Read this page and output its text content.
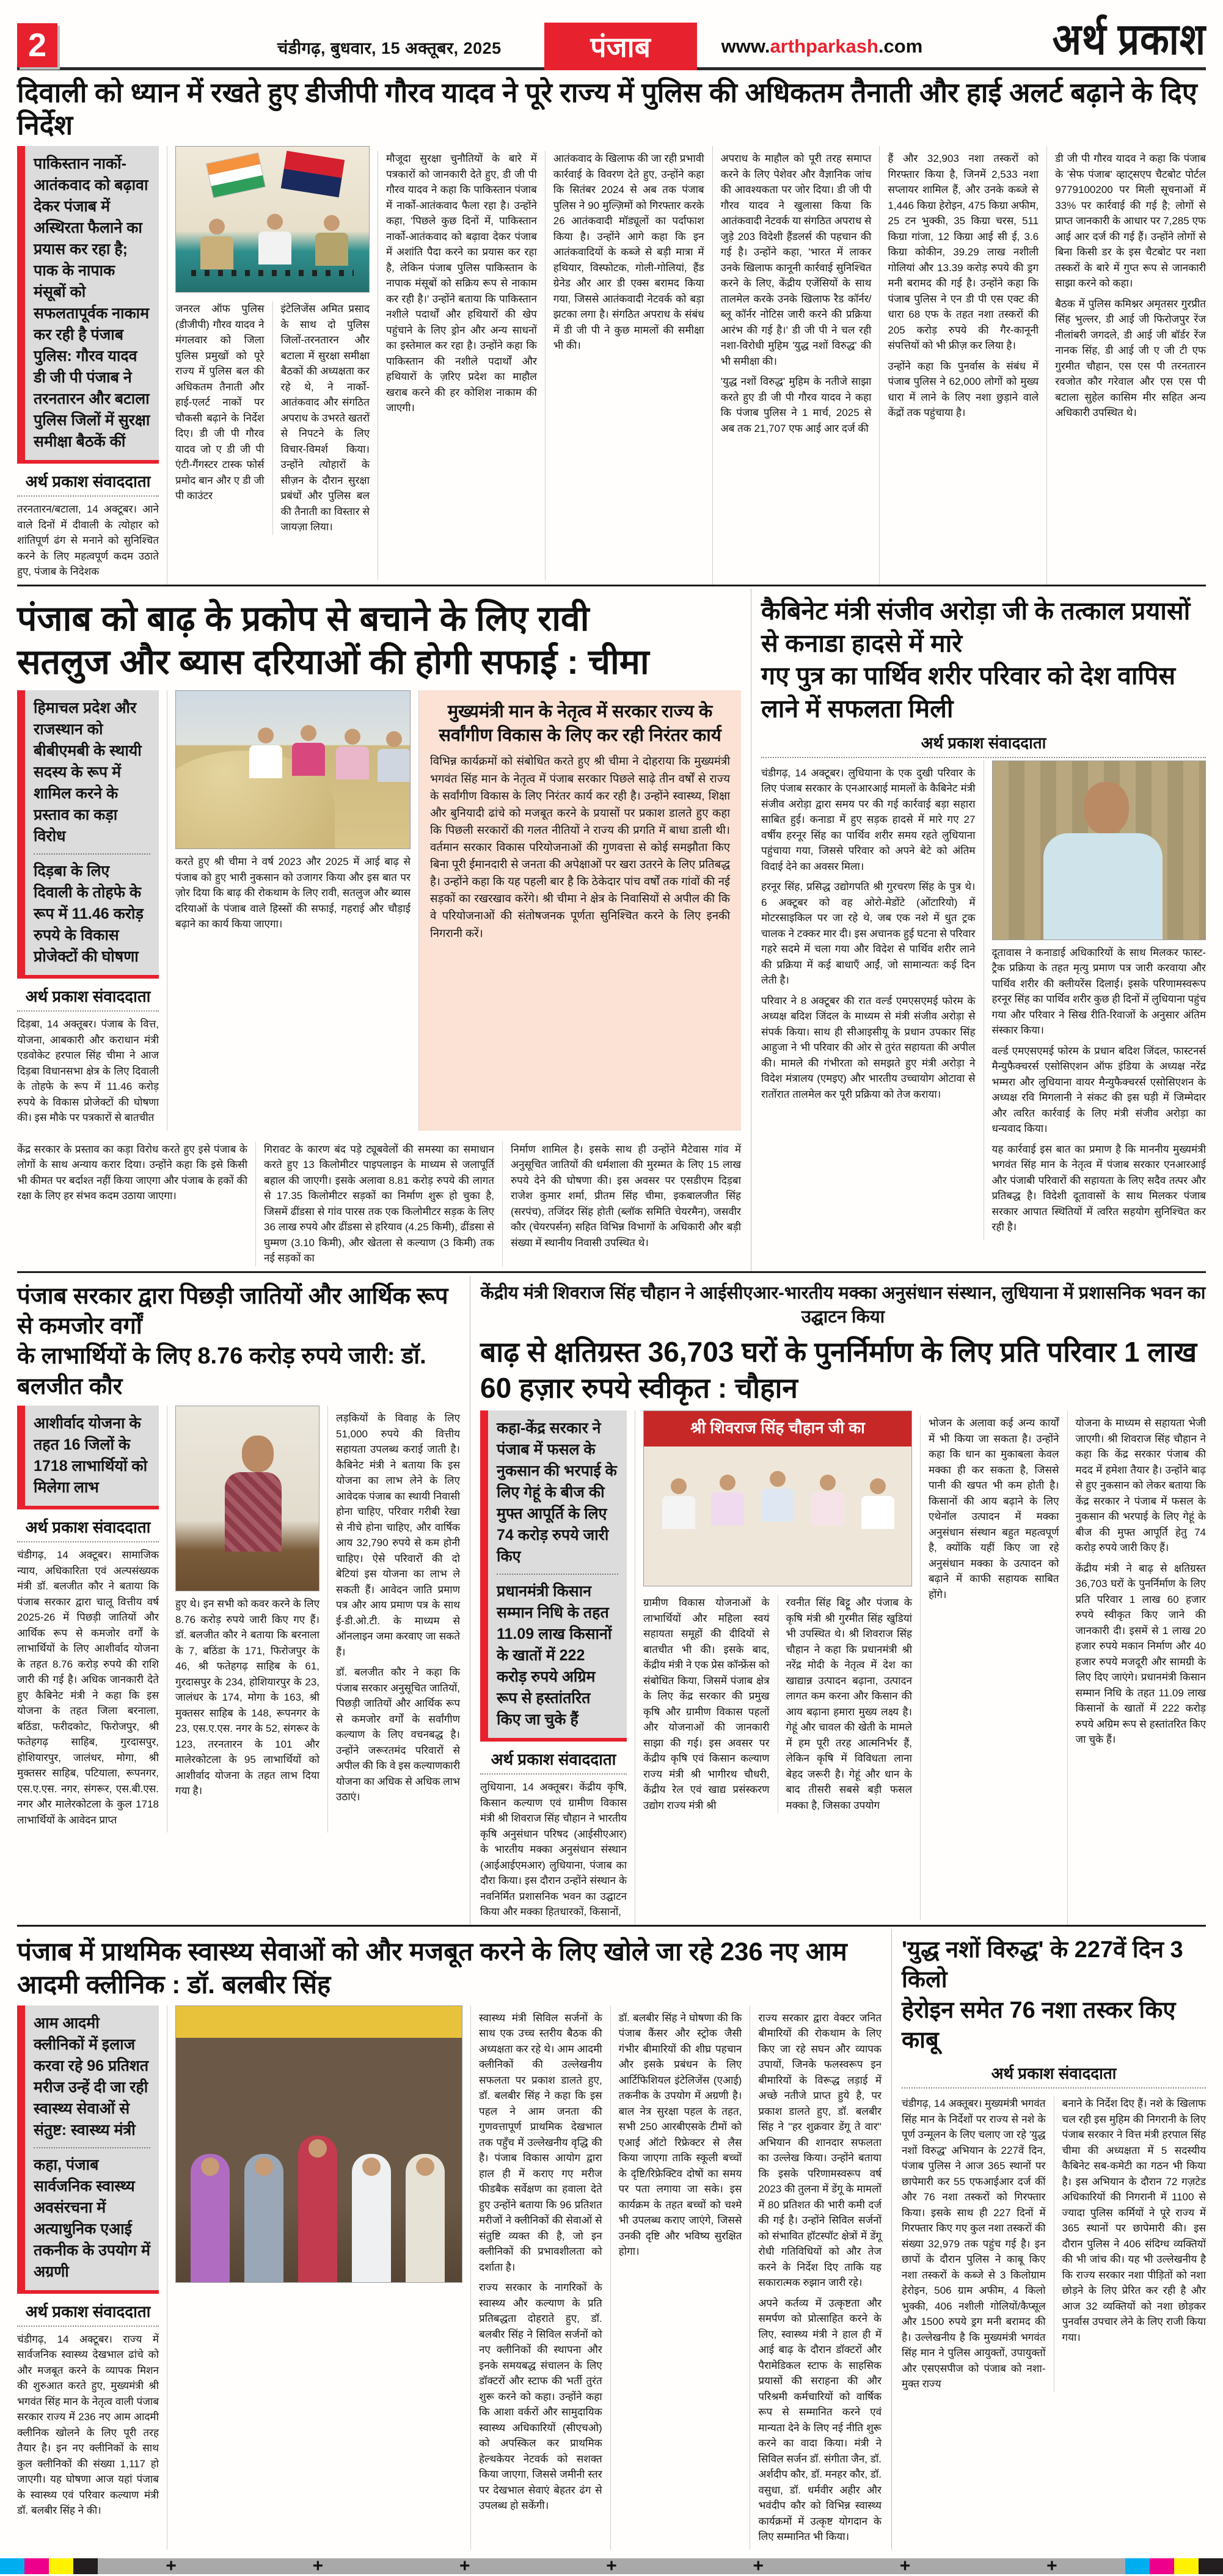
2	चंडीगढ़, बुधवार, 15 अक्तूबर, 2025	पंजाब	www.arthparkash.com	अर्थ प्रकाश
दिवाली को ध्यान में रखते हुए डीजीपी गौरव यादव ने पूरे राज्य में पुलिस की अधिकतम तैनाती और हाई अलर्ट बढ़ाने के दिए निर्देश

पाकिस्तान नार्को-आतंकवाद को बढ़ावा देकर पंजाब में अस्थिरता फैलाने का प्रयास कर रहा है; पाक के नापाक मंसूबों को सफलतापूर्वक नाकाम कर रही है पंजाब पुलिस: गौरव यादव डी जी पी पंजाब ने तरनतारन और बटाला पुलिस जिलों में सुरक्षा समीक्षा बैठकें कीं

अर्थ प्रकाश संवाददाता

तरनतारन/बटाला, 14 अक्टूबर। आने वाले दिनों में दीवाली के त्योहार को शांतिपूर्ण ढंग से मनाने को सुनिश्चित करने के लिए महत्वपूर्ण कदम उठाते हुए, पंजाब के निदेशक

जनरल ऑफ पुलिस (डीजीपी) गौरव यादव ने मंगलवार को जिला पुलिस प्रमुखों को पूरे राज्य में पुलिस बल की अधिकतम तैनाती और हाई-एलर्ट नाकों पर चौकसी बढ़ाने के निर्देश दिए। डी जी पी गौरव यादव जो ए डी जी पी एंटी-गैंगस्टर टास्क फोर्स प्रमोद बान और ए डी जी पी काउंटर

इंटेलिजेंस अमित प्रसाद के साथ दो पुलिस जिलों-तरनतारन और बटाला में सुरक्षा समीक्षा बैठकों की अध्यक्षता कर रहे थे, ने नार्को-आतंकवाद और संगठित अपराध के उभरते खतरों से निपटने के लिए विचार-विमर्श किया। उन्होंने त्योहारों के सीज़न के दौरान सुरक्षा प्रबंधों और पुलिस बल की तैनाती का विस्तार से जायज़ा लिया।

मौजूदा सुरक्षा चुनौतियों के बारे में पत्रकारों को जानकारी देते हुए, डी जी पी गौरव यादव ने कहा कि पाकिस्तान पंजाब में नार्को-आतंकवाद फैला रहा है। उन्होंने कहा, 'पिछले कुछ दिनों में, पाकिस्तान नार्को-आतंकवाद को बढ़ावा देकर पंजाब में अशांति पैदा करने का प्रयास कर रहा है, लेकिन पंजाब पुलिस पाकिस्तान के नापाक मंसूबों को सक्रिय रूप से नाकाम कर रही है।' उन्होंने बताया कि पाकिस्तान नशीले पदार्थों और हथियारों की खेप पहुंचाने के लिए ड्रोन और अन्य साधनों का इस्तेमाल कर रहा है। उन्होंने कहा कि पाकिस्तान की नशीले पदार्थों और हथियारों के ज़रिए प्रदेश का माहौल खराब करने की हर कोशिश नाकाम की जाएगी।

आतंकवाद के खिलाफ की जा रही प्रभावी कार्रवाई के विवरण देते हुए, उन्होंने कहा कि सितंबर 2024 से अब तक पंजाब पुलिस ने 90 मुल्ज़िमों को गिरफ्तार करके 26 आतंकवादी मॉड्यूलों का पर्दाफाश किया है। उन्होंने आगे कहा कि इन आतंकवादियों के कब्जे से बड़ी मात्रा में हथियार, विस्फोटक, गोली-गोलियां, हैंड ग्रेनेड और आर डी एक्स बरामद किया गया, जिससे आतंकवादी नेटवर्क को बड़ा झटका लगा है। संगठित अपराध के संबंध में डी जी पी ने कुछ मामलों की समीक्षा भी की।

अपराध के माहौल को पूरी तरह समाप्त करने के लिए पेशेवर और वैज्ञानिक जांच की आवश्यकता पर जोर दिया। डी जी पी गौरव यादव ने खुलासा किया कि आतंकवादी नेटवर्क या संगठित अपराध से जुड़े 203 विदेशी हैंडलर्स की पहचान की गई है। उन्होंने कहा, 'भारत में लाकर उनके खिलाफ कानूनी कार्रवाई सुनिश्चित करने के लिए, केंद्रीय एजेंसियों के साथ तालमेल करके उनके खिलाफ रैड कॉर्नर/ब्लू कॉर्नर नोटिस जारी करने की प्रक्रिया आरंभ की गई है।' डी जी पी ने चल रही नशा-विरोधी मुहिम 'युद्ध नशों विरुद्ध' की भी समीक्षा की।

'युद्ध नशों विरुद्ध' मुहिम के नतीजे साझा करते हुए डी जी पी गौरव यादव ने कहा कि पंजाब पुलिस ने 1 मार्च, 2025 से अब तक 21,707 एफ आई आर दर्ज की

हैं और 32,903 नशा तस्करों को गिरफ्तार किया है, जिनमें 2,533 नशा सप्लायर शामिल हैं, और उनके कब्जे से 1,446 किग्रा हेरोइन, 475 किग्रा अफीम, 25 टन भुक्की, 35 किग्रा चरस, 511 किग्रा गांजा, 12 किग्रा आई सी ई, 3.6 किग्रा कोकीन, 39.29 लाख नशीली गोलियां और 13.39 करोड़ रुपये की ड्रग मनी बरामद की गई है। उन्होंने कहा कि पंजाब पुलिस ने एन डी पी एस एक्ट की धारा 68 एफ के तहत नशा तस्करों की 205 करोड़ रुपये की गैर-कानूनी संपत्तियों को भी फ्रीज़ कर लिया है।

उन्होंने कहा कि पुनर्वास के संबंध में पंजाब पुलिस ने 62,000 लोगों को मुख्य धारा में लाने के लिए नशा छुड़ाने वाले केंद्रों तक पहुंचाया है।

डी जी पी गौरव यादव ने कहा कि पंजाब के 'सेफ पंजाब' व्हाट्सएप चैटबोट पोर्टल 9779100200 पर मिली सूचनाओं में 33% पर कार्रवाई की गई है; लोगों से प्राप्त जानकारी के आधार पर 7,285 एफ आई आर दर्ज की गई हैं। उन्होंने लोगों से बिना किसी डर के इस चैटबोट पर नशा तस्करों के बारे में गुप्त रूप से जानकारी साझा करने को कहा।

बैठक में पुलिस कमिश्नर अमृतसर गुरप्रीत सिंह भुल्लर, डी आई जी फिरोजपुर रेंज नीलांबरी जगदले, डी आई जी बॉर्डर रेंज नानक सिंह, डी आई जी ए जी टी एफ गुरमीत चौहान, एस एस पी तरनतारन रवजोत कौर गरेवाल और एस एस पी बटाला सुहेल कासिम मीर सहित अन्य अधिकारी उपस्थित थे।

पंजाब को बाढ़ के प्रकोप से बचाने के लिए रावी
सतलुज और ब्यास दरियाओं की होगी सफाई : चीमा

हिमाचल प्रदेश और राजस्थान को बीबीएमबी के स्थायी सदस्य के रूप में शामिल करने के प्रस्ताव का कड़ा विरोध

दिड़बा के लिए दिवाली के तोहफे के रूप में 11.46 करोड़ रुपये के विकास प्रोजेक्टों की घोषणा

अर्थ प्रकाश संवाददाता

दिड़बा, 14 अक्तूबर। पंजाब के वित्त, योजना, आबकारी और कराधान मंत्री एडवोकेट हरपाल सिंह चीमा ने आज दिड़बा विधानसभा क्षेत्र के लिए दिवाली के तोहफे के रूप में 11.46 करोड़ रुपये के विकास प्रोजेक्टों की घोषणा की। इस मौके पर पत्रकारों से बातचीत

करते हुए श्री चीमा ने वर्ष 2023 और 2025 में आई बाढ़ से पंजाब को हुए भारी नुकसान को उजागर किया और इस बात पर ज़ोर दिया कि बाढ़ की रोकथाम के लिए रावी, सतलुज और ब्यास दरियाओं के पंजाब वाले हिस्सों की सफाई, गहराई और चौड़ाई बढ़ाने का कार्य किया जाएगा।

मुख्यमंत्री मान के नेतृत्व में सरकार राज्य के सर्वांगीण विकास के लिए कर रही निरंतर कार्य

विभिन्न कार्यक्रमों को संबोधित करते हुए श्री चीमा ने दोहराया कि मुख्यमंत्री भगवंत सिंह मान के नेतृत्व में पंजाब सरकार पिछले साढ़े तीन वर्षों से राज्य के सर्वांगीण विकास के लिए निरंतर कार्य कर रही है। उन्होंने स्वास्थ्य, शिक्षा और बुनियादी ढांचे को मजबूत करने के प्रयासों पर प्रकाश डालते हुए कहा कि पिछली सरकारों की गलत नीतियों ने राज्य की प्रगति में बाधा डाली थी। वर्तमान सरकार विकास परियोजनाओं की गुणवत्ता से कोई समझौता किए बिना पूरी ईमानदारी से जनता की अपेक्षाओं पर खरा उतरने के लिए प्रतिबद्ध है। उन्होंने कहा कि यह पहली बार है कि ठेकेदार पांच वर्षों तक गांवों की नई सड़कों का रखरखाव करेंगे। श्री चीमा ने क्षेत्र के निवासियों से अपील की कि वे परियोजनाओं की संतोषजनक पूर्णता सुनिश्चित करने के लिए इनकी निगरानी करें।

केंद्र सरकार के प्रस्ताव का कड़ा विरोध करते हुए इसे पंजाब के लोगों के साथ अन्याय करार दिया। उन्होंने कहा कि इसे किसी भी कीमत पर बर्दाश्त नहीं किया जाएगा और पंजाब के हकों की रक्षा के लिए हर संभव कदम उठाया जाएगा।

गिरावट के कारण बंद पड़े ट्यूबवेलों की समस्या का समाधान करते हुए 13 किलोमीटर पाइपलाइन के माध्यम से जलापूर्ति बहाल की जाएगी। इसके अलावा 8.81 करोड़ रुपये की लागत से 17.35 किलोमीटर सड़कों का निर्माण शुरू हो चुका है, जिसमें ढींडसा से गांव पारस तक एक किलोमीटर सड़क के लिए 36 लाख रुपये और ढींडसा से हरियाव (4.25 किमी), ढींडसा से घुम्मण (3.10 किमी), और खेतला से कल्याण (3 किमी) तक नई सड़कों का

निर्माण शामिल है। इसके साथ ही उन्होंने मैटेवास गांव में अनुसूचित जातियों की धर्मशाला की मुरम्मत के लिए 15 लाख रुपये देने की घोषणा की। इस अवसर पर एसडीएम दिड़बा राजेश कुमार शर्मा, प्रीतम सिंह चीमा, इकबालजीत सिंह (सरपंच), तजिंदर सिंह होती (ब्लॉक समिति चेयरमैन), जसवीर कौर (चेयरपर्सन) सहित विभिन्न विभागों के अधिकारी और बड़ी संख्या में स्थानीय निवासी उपस्थित थे।

कैबिनेट मंत्री संजीव अरोड़ा जी के तत्काल प्रयासों से कनाडा हादसे में मारे
गए पुत्र का पार्थिव शरीर परिवार को देश वापिस लाने में सफलता मिली
अर्थ प्रकाश संवाददाता

चंडीगढ़, 14 अक्टूबर। लुधियाना के एक दुखी परिवार के लिए पंजाब सरकार के एनआरआई मामलों के कैबिनेट मंत्री संजीव अरोड़ा द्वारा समय पर की गई कार्रवाई बड़ा सहारा साबित हुई। कनाडा में हुए सड़क हादसे में मारे गए 27 वर्षीय हरनूर सिंह का पार्थिव शरीर समय रहते लुधियाना पहुंचाया गया, जिससे परिवार को अपने बेटे को अंतिम विदाई देने का अवसर मिला।

हरनूर सिंह, प्रसिद्ध उद्योगपति श्री गुरचरण सिंह के पुत्र थे। 6 अक्टूबर को वह ओरो-मेडोंटे (ओंटारियो) में मोटरसाइकिल पर जा रहे थे, जब एक नशे में धुत ट्रक चालक ने टक्कर मार दी। इस अचानक हुई घटना से परिवार गहरे सदमे में चला गया और विदेश से पार्थिव शरीर लाने की प्रक्रिया में कई बाधाएँ आईं, जो सामान्यतः कई दिन लेती है।

परिवार ने 8 अक्टूबर की रात वर्ल्ड एमएसएमई फोरम के अध्यक्ष बदिश जिंदल के माध्यम से मंत्री संजीव अरोड़ा से संपर्क किया। साथ ही सीआइसीयू के प्रधान उपकार सिंह आहुजा ने भी परिवार की ओर से तुरंत सहायता की अपील की। मामले की गंभीरता को समझते हुए मंत्री अरोड़ा ने विदेश मंत्रालय (एमइए) और भारतीय उच्चायोग ओटावा से रातोंरात तालमेल कर पूरी प्रक्रिया को तेज कराया।

दूतावास ने कनाडाई अधिकारियों के साथ मिलकर फास्ट-ट्रैक प्रक्रिया के तहत मृत्यु प्रमाण पत्र जारी करवाया और पार्थिव शरीर की क्लीयरेंस दिलाई। इसके परिणामस्वरूप हरनूर सिंह का पार्थिव शरीर कुछ ही दिनों में लुधियाना पहुंच गया और परिवार ने सिख रीति-रिवाजों के अनुसार अंतिम संस्कार किया।

वर्ल्ड एमएसएमई फोरम के प्रधान बदिश जिंदल, फास्टनर्स मैन्युफैक्चरर्स एसोसिएशन ऑफ इंडिया के अध्यक्ष नरेंद्र भम्मरा और लुधियाना वायर मैन्युफैक्चरर्स एसोसिएशन के अध्यक्ष रवि मिगलानी ने संकट की इस घड़ी में जिम्मेदार और त्वरित कार्रवाई के लिए मंत्री संजीव अरोड़ा का धन्यवाद किया।

यह कार्रवाई इस बात का प्रमाण है कि माननीय मुख्यमंत्री भगवंत सिंह मान के नेतृत्व में पंजाब सरकार एनआरआई और पंजाबी परिवारों की सहायता के लिए सदैव तत्पर और प्रतिबद्ध है। विदेशी दूतावासों के साथ मिलकर पंजाब सरकार आपात स्थितियों में त्वरित सहयोग सुनिश्चित कर रही है।

पंजाब सरकार द्वारा पिछड़ी जातियों और आर्थिक रूप से कमजोर वर्गों
के लाभार्थियों के लिए 8.76 करोड़ रुपये जारी: डॉ. बलजीत कौर

आशीर्वाद योजना के तहत 16 जिलों के 1718 लाभार्थियों को मिलेगा लाभ

अर्थ प्रकाश संवाददाता

चंडीगढ़, 14 अक्टूबर। सामाजिक न्याय, अधिकारिता एवं अल्पसंख्यक मंत्री डॉ. बलजीत कौर ने बताया कि पंजाब सरकार द्वारा चालू वित्तीय वर्ष 2025-26 में पिछड़ी जातियों और आर्थिक रूप से कमजोर वर्गों के लाभार्थियों के लिए आशीर्वाद योजना के तहत 8.76 करोड़ रुपये की राशि जारी की गई है। अधिक जानकारी देते हुए कैबिनेट मंत्री ने कहा कि इस योजना के तहत जिला बरनाला, बठिंडा, फरीदकोट, फिरोजपुर, श्री फतेहगढ़ साहिब, गुरदासपुर, होशियारपुर, जालंधर, मोगा, श्री मुक्तसर साहिब, पटियाला, रूपनगर, एस.ए.एस. नगर, संगरूर, एस.बी.एस. नगर और मालेरकोटला के कुल 1718 लाभार्थियों के आवेदन प्राप्त

हुए थे। इन सभी को कवर करने के लिए 8.76 करोड़ रुपये जारी किए गए हैं। डॉ. बलजीत कौर ने बताया कि बरनाला के 7, बठिंडा के 171, फिरोजपुर के 46, श्री फतेहगढ़ साहिब के 61, गुरदासपुर के 234, होशियारपुर के 23, जालंधर के 174, मोगा के 163, श्री मुक्तसर साहिब के 148, रूपनगर के 23, एस.ए.एस. नगर के 52, संगरूर के 123, तरनतारन के 101 और मालेरकोटला के 95 लाभार्थियों को आशीर्वाद योजना के तहत लाभ दिया गया है।

लड़कियों के विवाह के लिए 51,000 रुपये की वित्तीय सहायता उपलब्ध कराई जाती है। कैबिनेट मंत्री ने बताया कि इस योजना का लाभ लेने के लिए आवेदक पंजाब का स्थायी निवासी होना चाहिए, परिवार गरीबी रेखा से नीचे होना चाहिए, और वार्षिक आय 32,790 रुपये से कम होनी चाहिए। ऐसे परिवारों की दो बेटियां इस योजना का लाभ ले सकती हैं। आवेदन जाति प्रमाण पत्र और आय प्रमाण पत्र के साथ ई-डी.ओ.टी. के माध्यम से ऑनलाइन जमा करवाए जा सकते हैं।

डॉ. बलजीत कौर ने कहा कि पंजाब सरकार अनुसूचित जातियों, पिछड़ी जातियों और आर्थिक रूप से कमजोर वर्गों के सर्वांगीण कल्याण के लिए वचनबद्ध है। उन्होंने जरूरतमंद परिवारों से अपील की कि वे इस कल्याणकारी योजना का अधिक से अधिक लाभ उठाएं।

केंद्रीय मंत्री शिवराज सिंह चौहान ने आईसीएआर-भारतीय मक्का अनुसंधान संस्थान, लुधियाना में प्रशासनिक भवन का उद्घाटन किया
बाढ़ से क्षतिग्रस्त 36,703 घरों के पुनर्निर्माण के लिए प्रति परिवार 1 लाख 60 हज़ार रुपये स्वीकृत : चौहान

कहा-केंद्र सरकार ने पंजाब में फसल के नुकसान की भरपाई के लिए गेहूं के बीज की मुफ्त आपूर्ति के लिए 74 करोड़ रुपये जारी किए

प्रधानमंत्री किसान सम्मान निधि के तहत 11.09 लाख किसानों के खातों में 222 करोड़ रुपये अग्रिम रूप से हस्तांतरित किए जा चुके हैं

अर्थ प्रकाश संवाददाता

लुधियाना, 14 अक्तूबर। केंद्रीय कृषि, किसान कल्याण एवं ग्रामीण विकास मंत्री श्री शिवराज सिंह चौहान ने भारतीय कृषि अनुसंधान परिषद (आईसीएआर) के भारतीय मक्का अनुसंधान संस्थान (आईआईएमआर) लुधियाना, पंजाब का दौरा किया। इस दौरान उन्होंने संस्थान के नवनिर्मित प्रशासनिक भवन का उद्घाटन किया और मक्का हितधारकों, किसानों,

श्री शिवराज सिंह चौहान जी का

ग्रामीण विकास योजनाओं के लाभार्थियों और महिला स्वयं सहायता समूहों की दीदियों से बातचीत भी की। इसके बाद, केंद्रीय मंत्री ने एक प्रेस कॉन्फ्रेंस को संबोधित किया, जिसमें पंजाब क्षेत्र के लिए केंद्र सरकार की प्रमुख कृषि और ग्रामीण विकास पहलों और योजनाओं की जानकारी साझा की गई। इस अवसर पर केंद्रीय कृषि एवं किसान कल्याण राज्य मंत्री श्री भागीरथ चौधरी, केंद्रीय रेल एवं खाद्य प्रसंस्करण उद्योग राज्य मंत्री श्री

रवनीत सिंह बिट्टू और पंजाब के कृषि मंत्री श्री गुरमीत सिंह खुडियां भी उपस्थित थे। श्री शिवराज सिंह चौहान ने कहा कि प्रधानमंत्री श्री नरेंद्र मोदी के नेतृत्व में देश का खाद्यान्न उत्पादन बढ़ाना, उत्पादन लागत कम करना और किसान की आय बढ़ाना हमारा मुख्य लक्ष्य है। गेहूं और चावल की खेती के मामले में हम पूरी तरह आत्मनिर्भर हैं, लेकिन कृषि में विविधता लाना बेहद जरूरी है। गेहूं और धान के बाद तीसरी सबसे बड़ी फसल मक्का है, जिसका उपयोग

भोजन के अलावा कई अन्य कार्यों में भी किया जा सकता है। उन्होंने कहा कि धान का मुकाबला केवल मक्का ही कर सकता है, जिससे पानी की खपत भी कम होती है। किसानों की आय बढ़ाने के लिए एथेनॉल उत्पादन में मक्का अनुसंधान संस्थान बहुत महत्वपूर्ण है, क्योंकि यहीं किए जा रहे अनुसंधान मक्का के उत्पादन को बढ़ाने में काफी सहायक साबित होंगे।

योजना के माध्यम से सहायता भेजी जाएगी। श्री शिवराज सिंह चौहान ने कहा कि केंद्र सरकार पंजाब की मदद में हमेशा तैयार है। उन्होंने बाढ़ से हुए नुकसान को लेकर बताया कि केंद्र सरकार ने पंजाब में फसल के नुकसान की भरपाई के लिए गेहूं के बीज की मुफ्त आपूर्ति हेतु 74 करोड़ रुपये जारी किए हैं।

केंद्रीय मंत्री ने बाढ़ से क्षतिग्रस्त 36,703 घरों के पुनर्निर्माण के लिए प्रति परिवार 1 लाख 60 हजार रुपये स्वीकृत किए जाने की जानकारी दी। इसमें से 1 लाख 20 हजार रुपये मकान निर्माण और 40 हजार रुपये मजदूरी और सामग्री के लिए दिए जाएंगे। प्रधानमंत्री किसान सम्मान निधि के तहत 11.09 लाख किसानों के खातों में 222 करोड़ रुपये अग्रिम रूप से हस्तांतरित किए जा चुके हैं।

पंजाब में प्राथमिक स्वास्थ्य सेवाओं को और मजबूत करने के लिए खोले जा रहे 236 नए आम आदमी क्लीनिक : डॉ. बलबीर सिंह

आम आदमी क्लीनिकों में इलाज करवा रहे 96 प्रतिशत मरीज उन्हें दी जा रही स्वास्थ्य सेवाओं से संतुष्ट: स्वास्थ्य मंत्री

कहा, पंजाब सार्वजनिक स्वास्थ्य अवसंरचना में अत्याधुनिक एआई तकनीक के उपयोग में अग्रणी

अर्थ प्रकाश संवाददाता

चंडीगढ़, 14 अक्टूबर। राज्य में सार्वजनिक स्वास्थ्य देखभाल ढांचे को और मजबूत करने के व्यापक मिशन की शुरुआत करते हुए, मुख्यमंत्री श्री भगवंत सिंह मान के नेतृत्व वाली पंजाब सरकार राज्य में 236 नए आम आदमी क्लीनिक खोलने के लिए पूरी तरह तैयार है। इन नए क्लीनिकों के साथ कुल क्लीनिकों की संख्या 1,117 हो जाएगी। यह घोषणा आज यहां पंजाब के स्वास्थ्य एवं परिवार कल्याण मंत्री डॉ. बलबीर सिंह ने की।

स्वास्थ्य मंत्री सिविल सर्जनों के साथ एक उच्च स्तरीय बैठक की अध्यक्षता कर रहे थे। आम आदमी क्लीनिकों की उल्लेखनीय सफलता पर प्रकाश डालते हुए, डॉ. बलबीर सिंह ने कहा कि इस पहल ने आम जनता की गुणवत्तापूर्ण प्राथमिक देखभाल तक पहुँच में उल्लेखनीय वृद्धि की है। पंजाब विकास आयोग द्वारा हाल ही में कराए गए मरीज फीडबैक सर्वेक्षण का हवाला देते हुए उन्होंने बताया कि 96 प्रतिशत मरीजों ने क्लीनिकों की सेवाओं से संतुष्टि व्यक्त की है, जो इन क्लीनिकों की प्रभावशीलता को दर्शाता है।

राज्य सरकार के नागरिकों के स्वास्थ्य और कल्याण के प्रति प्रतिबद्धता दोहराते हुए, डॉ. बलबीर सिंह ने सिविल सर्जनों को नए क्लीनिकों की स्थापना और इनके समयबद्ध संचालन के लिए डॉक्टरों और स्टाफ की भर्ती तुरंत शुरू करने को कहा। उन्होंने कहा कि आशा वर्करों और सामुदायिक स्वास्थ्य अधिकारियों (सीएचओ) को अपस्किल कर प्राथमिक हेल्थकेयर नेटवर्क को सशक्त किया जाएगा, जिससे जमीनी स्तर पर देखभाल सेवाएं बेहतर ढंग से उपलब्ध हो सकेंगी।

डॉ. बलबीर सिंह ने घोषणा की कि पंजाब कैंसर और स्ट्रोक जैसी गंभीर बीमारियों की शीघ्र पहचान और इसके प्रबंधन के लिए आर्टिफिशियल इंटेलिजेंस (एआई) तकनीक के उपयोग में अग्रणी है। बाल नेत्र सुरक्षा पहल के तहत, सभी 250 आरबीएसके टीमों को एआई ऑटो रिफ्रेक्टर से लैस किया जाएगा ताकि स्कूली बच्चों के दृष्टि/रिफ्रेक्टिव दोषों का समय पर पता लगाया जा सके। इस कार्यक्रम के तहत बच्चों को चश्मे भी उपलब्ध कराए जाएंगे, जिससे उनकी दृष्टि और भविष्य सुरक्षित होगा।

राज्य सरकार द्वारा वेक्टर जनित बीमारियों की रोकथाम के लिए किए जा रहे सघन और व्यापक उपायों, जिनके फलस्वरूप इन बीमारियों के विरूद्ध लड़ाई में अच्छे नतीजे प्राप्त हुये है, पर प्रकाश डालते हुए, डॉ. बलबीर सिंह ने ''हर शुक्रवार डेंगू ते वार'' अभियान की शानदार सफलता का उल्लेख किया। उन्होंने बताया कि इसके परिणामस्वरूप वर्ष 2023 की तुलना में डेंगू के मामलों में 80 प्रतिशत की भारी कमी दर्ज की गई है। उन्होंने सिविल सर्जनों को संभावित हॉटस्पॉट क्षेत्रों में डेंगू रोधी गतिविधियों को और तेज करने के निर्देश दिए ताकि यह सकारात्मक रुझान जारी रहे।

अपने कर्तव्य में उत्कृष्टता और समर्पण को प्रोत्साहित करने के लिए, स्वास्थ्य मंत्री ने हाल ही में आई बाढ़ के दौरान डॉक्टरों और पैरामेडिकल स्टाफ के साहसिक प्रयासों की सराहना की और परिश्रमी कर्मचारियों को वार्षिक रूप से सम्मानित करने एवं मान्यता देने के लिए नई नीति शुरू करने का वादा किया। मंत्री ने सिविल सर्जन डॉ. संगीता जैन, डॉ. अर्शदीप कौर, डॉ. मनहर कौर, डॉ. वसुधा, डॉ. धर्मवीर अहीर और भवंदीप कौर को विभिन्न स्वास्थ्य कार्यक्रमों में उत्कृष्ट योगदान के लिए सम्मानित भी किया।

'युद्ध नशों विरुद्ध' के 227वें दिन 3 किलो
हेरोइन समेत 76 नशा तस्कर किए काबू
अर्थ प्रकाश संवाददाता

चंडीगढ़, 14 अक्तूबर। मुख्यमंत्री भगवंत सिंह मान के निर्देशों पर राज्य से नशे के पूर्ण उन्मूलन के लिए चलाए जा रहे 'युद्ध नशों विरुद्ध' अभियान के 227वें दिन, पंजाब पुलिस ने आज 365 स्थानों पर छापेमारी कर 55 एफआईआर दर्ज कीं और 76 नशा तस्करों को गिरफ्तार किया। इसके साथ ही 227 दिनों में गिरफ्तार किए गए कुल नशा तस्करों की संख्या 32,979 तक पहुंच गई है। इन छापों के दौरान पुलिस ने काबू किए नशा तस्करों के कब्जे से 3 किलोग्राम हेरोइन, 506 ग्राम अफीम, 4 किलो भुक्की, 406 नशीली गोलियों/कैप्सूल और 1500 रुपये ड्रग मनी बरामद की है। उल्लेखनीय है कि मुख्यमंत्री भगवंत सिंह मान ने पुलिस आयुक्तों, उपायुक्तों और एसएसपीज को पंजाब को नशा-मुक्त राज्य

बनाने के निर्देश दिए हैं। नशे के खिलाफ चल रही इस मुहिम की निगरानी के लिए पंजाब सरकार ने वित्त मंत्री हरपाल सिंह चीमा की अध्यक्षता में 5 सदस्यीय कैबिनेट सब-कमेटी का गठन भी किया है। इस अभियान के दौरान 72 गज़टेड अधिकारियों की निगरानी में 1100 से ज्यादा पुलिस कर्मियों ने पूरे राज्य में 365 स्थानों पर छापेमारी की। इस दौरान पुलिस ने 406 संदिग्ध व्यक्तियों की भी जांच की। यह भी उल्लेखनीय है कि राज्य सरकार नशा पीड़ितों को नशा छोड़ने के लिए प्रेरित कर रही है और आज 32 व्यक्तियों को नशा छोड़कर पुनर्वास उपचार लेने के लिए राजी किया गया।

+	+	+	+	+	+	+
